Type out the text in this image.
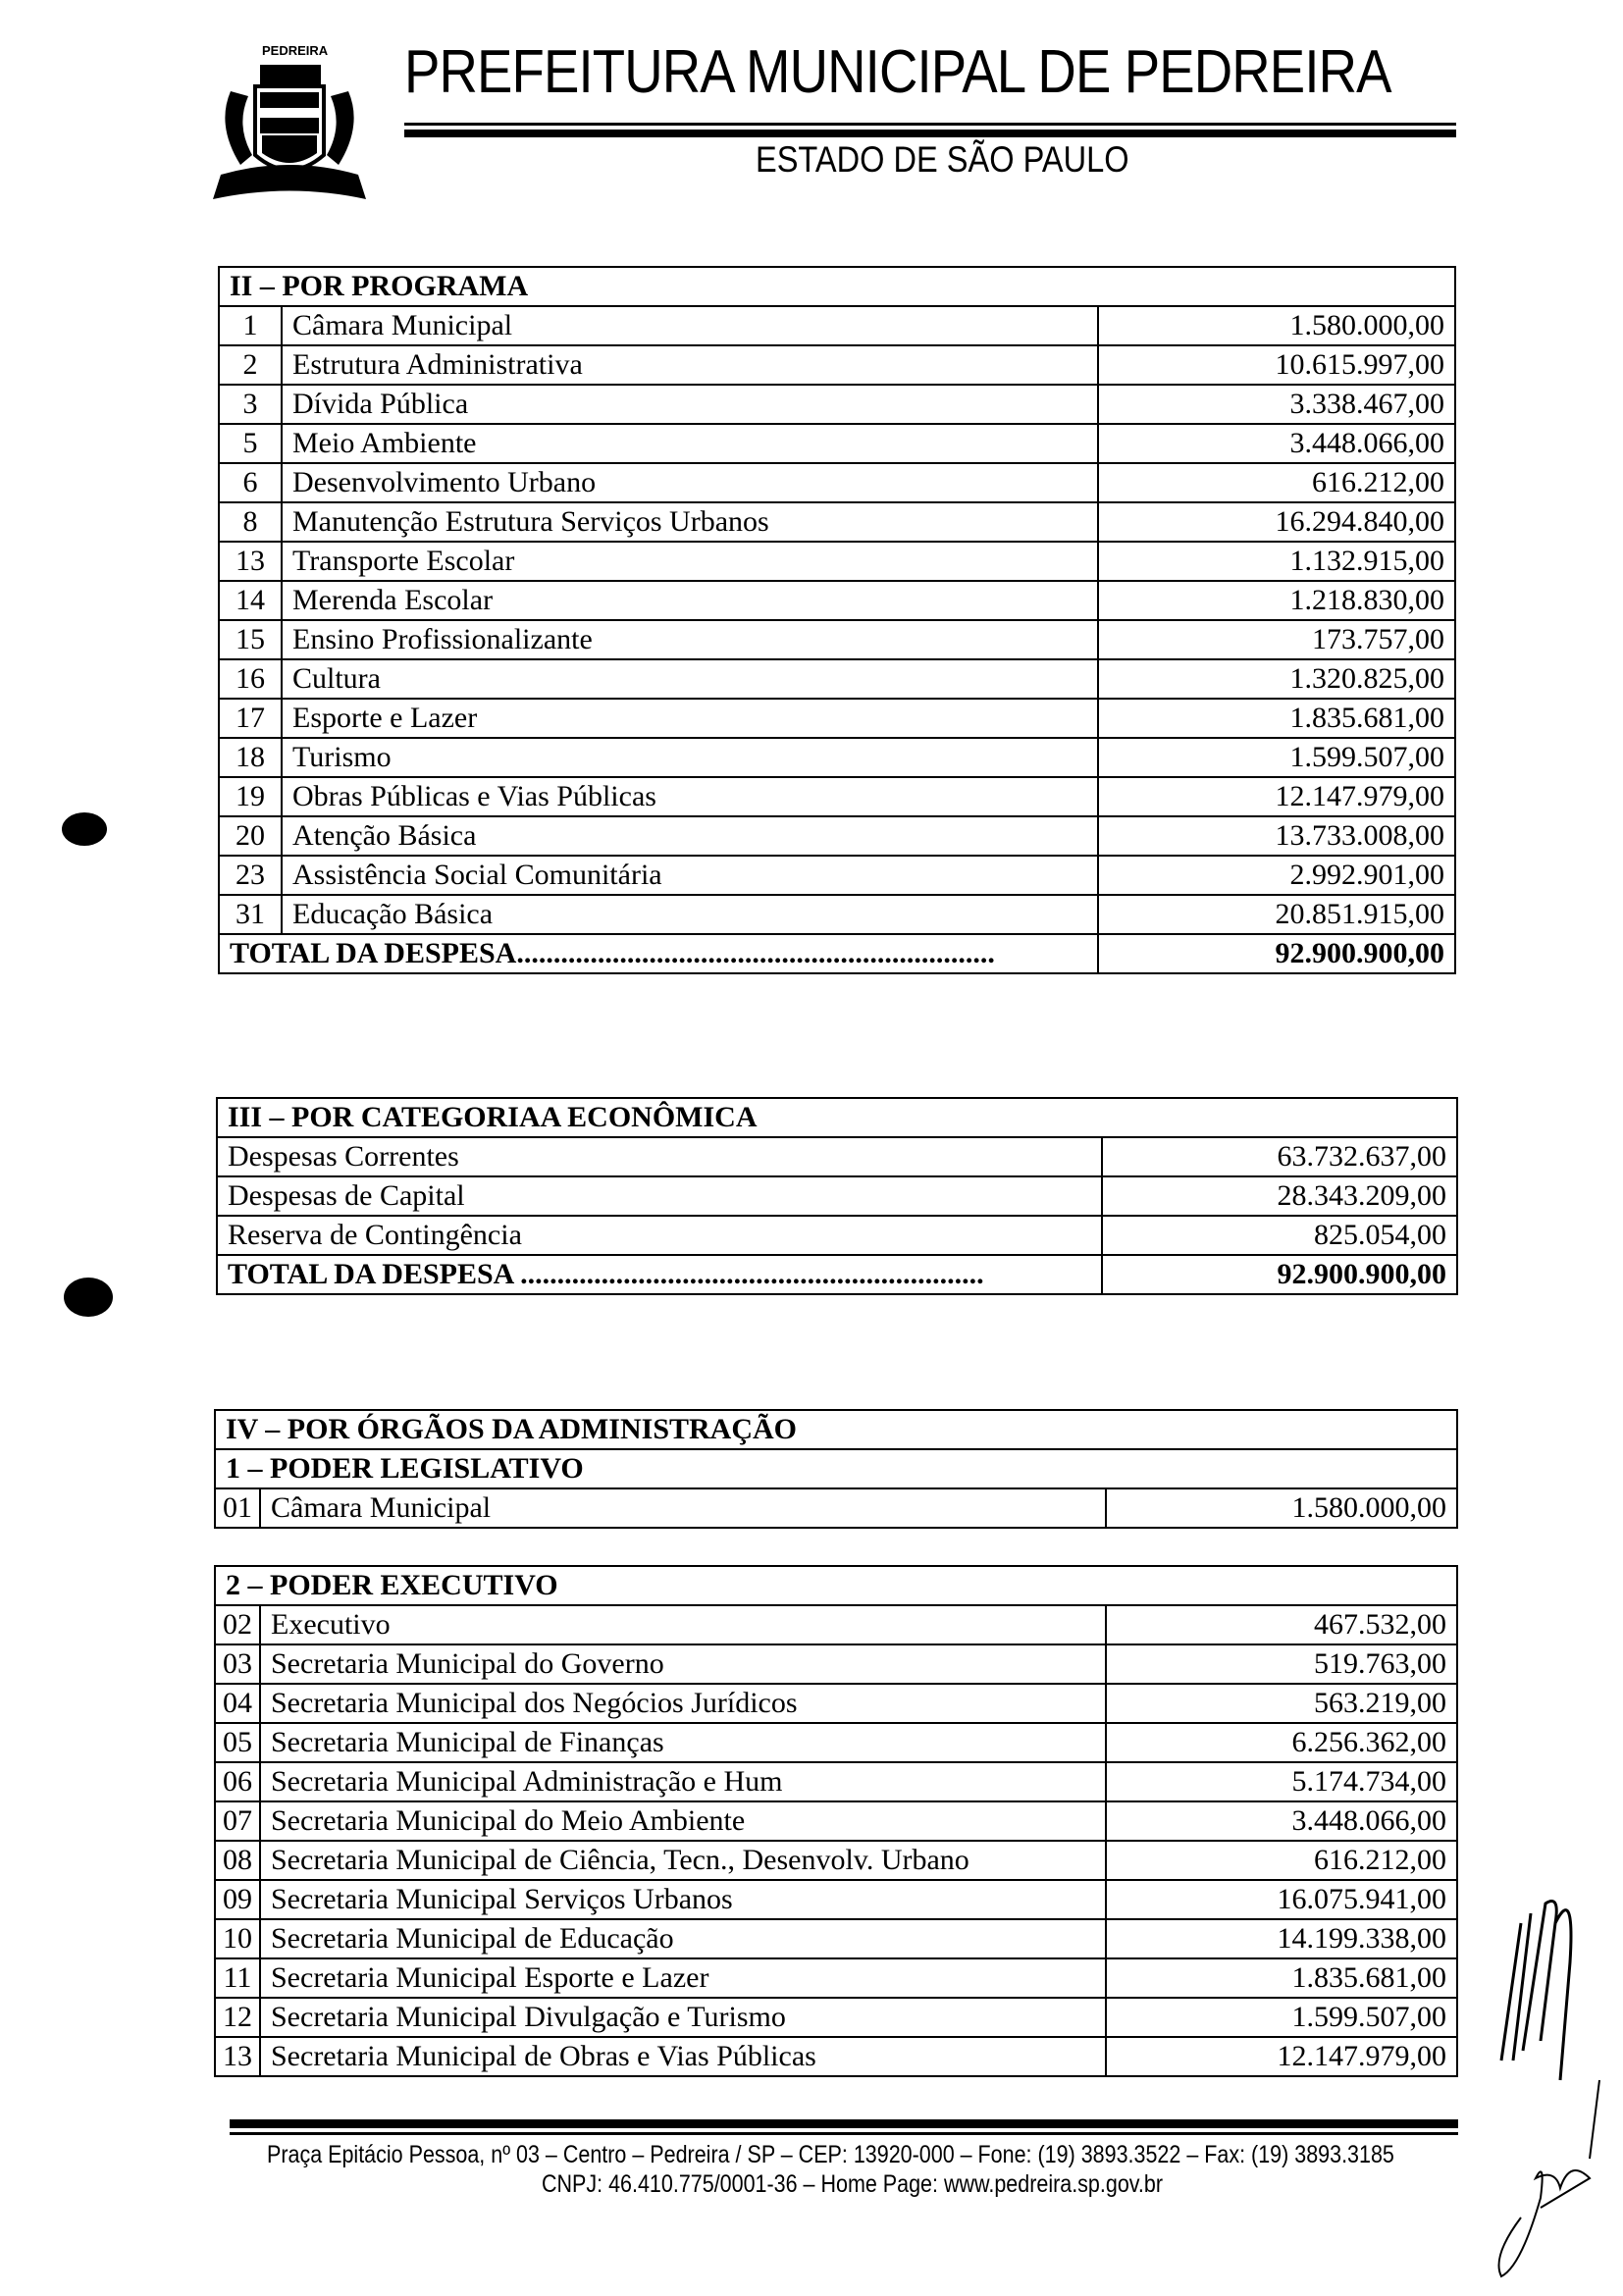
PEDREIRA PREFEITURA MUNICIPAL DE PEDREIRA
ESTADO DE SÃO PAULO
II – POR PROGRAMA		
1	Câmara Municipal	1.580.000,00
2	Estrutura Administrativa	10.615.997,00
3	Dívida Pública	3.338.467,00
5	Meio Ambiente	3.448.066,00
6	Desenvolvimento Urbano	616.212,00
8	Manutenção Estrutura Serviços Urbanos	16.294.840,00
13	Transporte Escolar	1.132.915,00
14	Merenda Escolar	1.218.830,00
15	Ensino Profissionalizante	173.757,00
16	Cultura	1.320.825,00
17	Esporte e Lazer	1.835.681,00
18	Turismo	1.599.507,00
19	Obras Públicas e Vias Públicas	12.147.979,00
20	Atenção Básica	13.733.008,00
23	Assistência Social Comunitária	2.992.901,00
31	Educação Básica	20.851.915,00
TOTAL DA DESPESA.................................................................		92.900.900,00
III – POR CATEGORIAA ECONÔMICA	
Despesas Correntes	63.732.637,00
Despesas de Capital	28.343.209,00
Reserva de Contingência	825.054,00
TOTAL DA DESPESA ...............................................................	92.900.900,00
IV – POR ÓRGÃOS DA ADMINISTRAÇÃO
1 – PODER LEGISLATIVO
01	Câmara Municipal	1.580.000,00
2 – PODER EXECUTIVO		
02	Executivo	467.532,00
03	Secretaria Municipal do Governo	519.763,00
04	Secretaria Municipal dos Negócios Jurídicos	563.219,00
05	Secretaria Municipal de Finanças	6.256.362,00
06	Secretaria Municipal Administração e Hum	5.174.734,00
07	Secretaria Municipal do Meio Ambiente	3.448.066,00
08	Secretaria Municipal de Ciência, Tecn., Desenvolv. Urbano	616.212,00
09	Secretaria Municipal Serviços Urbanos	16.075.941,00
10	Secretaria Municipal de Educação	14.199.338,00
11	Secretaria Municipal Esporte e Lazer	1.835.681,00
12	Secretaria Municipal Divulgação e Turismo	1.599.507,00
13	Secretaria Municipal de Obras e Vias Públicas	12.147.979,00
Praça Epitácio Pessoa, nº 03 – Centro – Pedreira / SP – CEP: 13920-000 – Fone: (19) 3893.3522 – Fax: (19) 3893.3185
CNPJ: 46.410.775/0001-36 – Home Page: www.pedreira.sp.gov.br
